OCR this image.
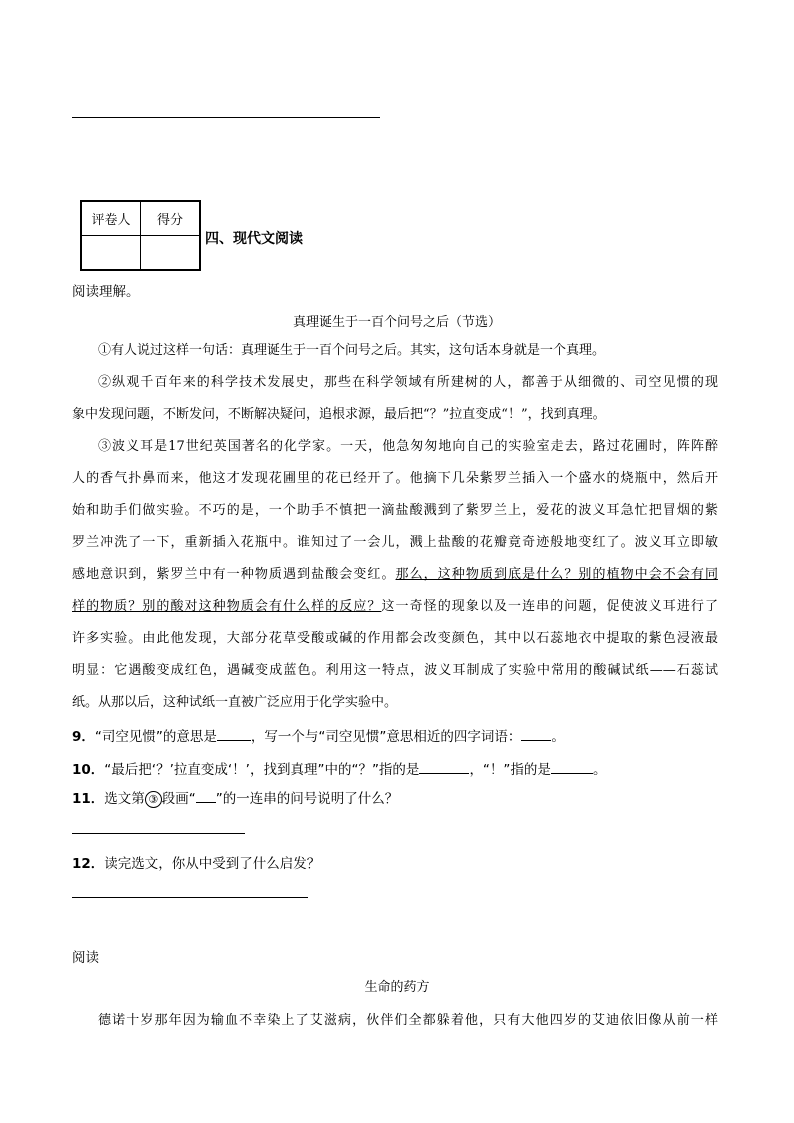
评卷人	得分

四、现代文阅读
阅读理解。
真理诞生于一百个问号之后（节选）
①有人说过这样一句话：真理诞生于一百个问号之后。其实，这句话本身就是一个真理。
②纵观千百年来的科学技术发展史，那些在科学领域有所建树的人，都善于从细微的、司空见惯的现
象中发现问题，不断发问，不断解决疑问，追根求源，最后把“？”拉直变成“！”，找到真理。
③波义耳是17世纪英国著名的化学家。一天，他急匆匆地向自己的实验室走去，路过花圃时，阵阵醉
人的香气扑鼻而来，他这才发现花圃里的花已经开了。他摘下几朵紫罗兰插入一个盛水的烧瓶中，然后开
始和助手们做实验。不巧的是，一个助手不慎把一滴盐酸溅到了紫罗兰上，爱花的波义耳急忙把冒烟的紫
罗兰冲洗了一下，重新插入花瓶中。谁知过了一会儿，溅上盐酸的花瓣竟奇迹般地变红了。波义耳立即敏
感地意识到，紫罗兰中有一种物质遇到盐酸会变红。那么，这种物质到底是什么？别的植物中会不会有同
样的物质？别的酸对这种物质会有什么样的反应？这一奇怪的现象以及一连串的问题，促使波义耳进行了
许多实验。由此他发现，大部分花草受酸或碱的作用都会改变颜色，其中以石蕊地衣中提取的紫色浸液最
明显：它遇酸变成红色，遇碱变成蓝色。利用这一特点，波义耳制成了实验中常用的酸碱试纸——石蕊试
纸。从那以后，这种试纸一直被广泛应用于化学实验中。
9．“司空见惯”的意思是	，写一个与“司空见惯”意思相近的四字词语： 。
10．“最后把‘？’拉直变成‘！’，找到真理”中的“？”指的是	，“！”指的是	。
11．选文第 ③ 段画“ ”的一连串的问号说明了什么？
12．读完选文，你从中受到了什么启发？
阅读
生命的药方
德诺十岁那年因为输血不幸染上了艾滋病，伙伴们全都躲着他，只有大他四岁的艾迪依旧像从前一样
